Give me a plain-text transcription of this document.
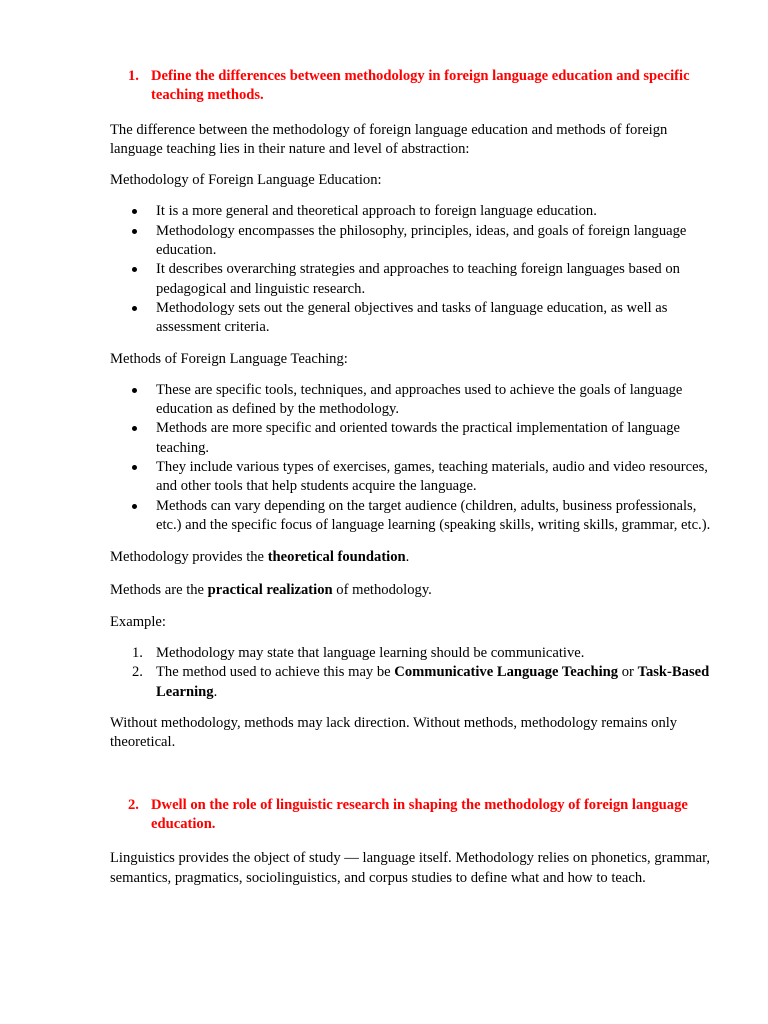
1. Define the differences between methodology in foreign language education and specific teaching methods.

The difference between the methodology of foreign language education and methods of foreign language teaching lies in their nature and level of abstraction:

Methodology of Foreign Language Education:

It is a more general and theoretical approach to foreign language education.
Methodology encompasses the philosophy, principles, ideas, and goals of foreign language education.
It describes overarching strategies and approaches to teaching foreign languages based on pedagogical and linguistic research.
Methodology sets out the general objectives and tasks of language education, as well as assessment criteria.

Methods of Foreign Language Teaching:

These are specific tools, techniques, and approaches used to achieve the goals of language education as defined by the methodology.
Methods are more specific and oriented towards the practical implementation of language teaching.
They include various types of exercises, games, teaching materials, audio and video resources, and other tools that help students acquire the language.
Methods can vary depending on the target audience (children, adults, business professionals, etc.) and the specific focus of language learning (speaking skills, writing skills, grammar, etc.).

Methodology provides the theoretical foundation.

Methods are the practical realization of methodology.

Example:

1. Methodology may state that language learning should be communicative.
2. The method used to achieve this may be Communicative Language Teaching or Task-Based Learning.

Without methodology, methods may lack direction. Without methods, methodology remains only theoretical.

2. Dwell on the role of linguistic research in shaping the methodology of foreign language education.

Linguistics provides the object of study — language itself. Methodology relies on phonetics, grammar, semantics, pragmatics, sociolinguistics, and corpus studies to define what and how to teach.
